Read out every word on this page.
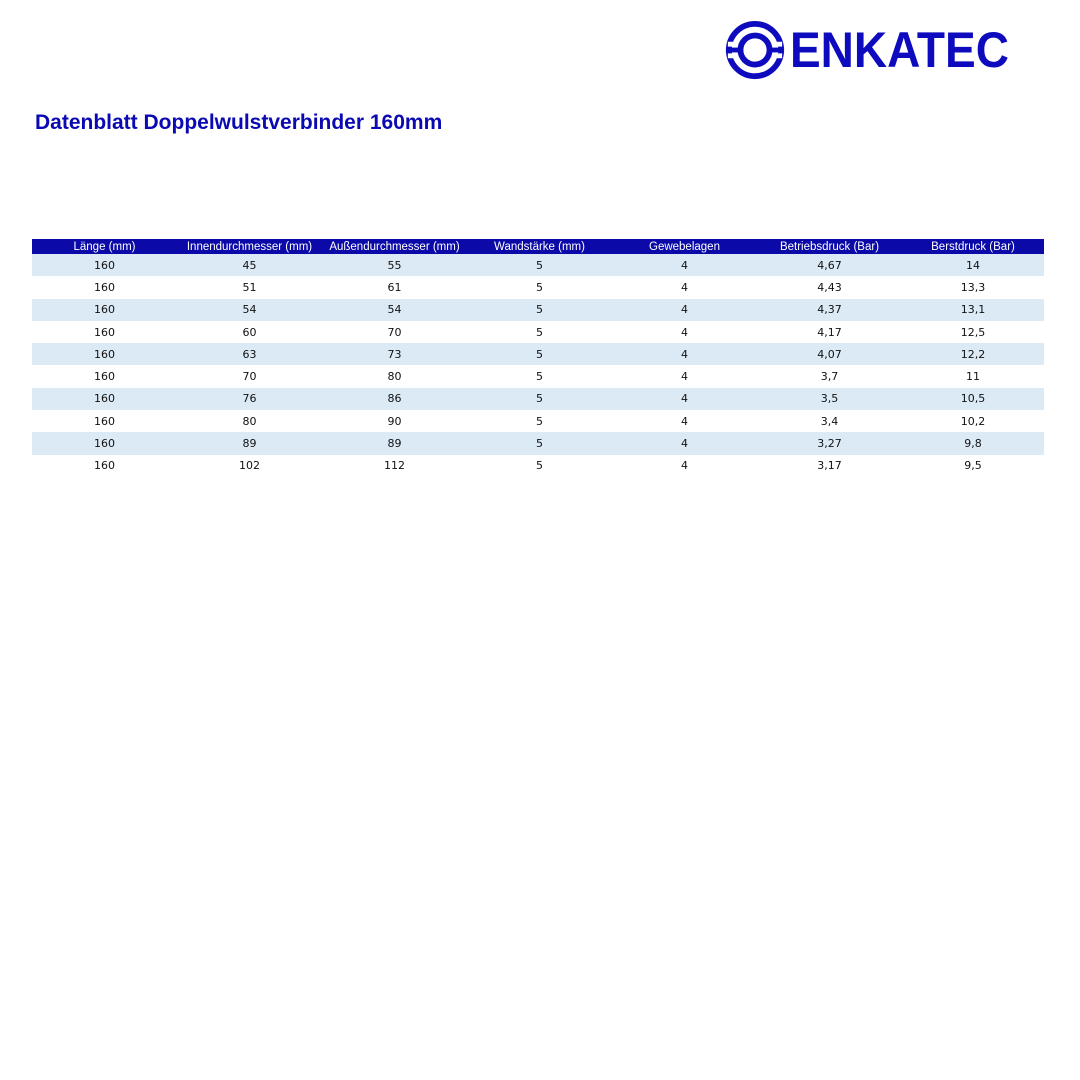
ENKATEC
Datenblatt Doppelwulstverbinder 160mm
Länge (mm)	Innendurchmesser (mm)	Außendurchmesser (mm)	Wandstärke (mm)	Gewebelagen	Betriebsdruck (Bar)	Berstdruck (Bar)
160	45	55	5	4	4,67	14
160	51	61	5	4	4,43	13,3
160	54	54	5	4	4,37	13,1
160	60	70	5	4	4,17	12,5
160	63	73	5	4	4,07	12,2
160	70	80	5	4	3,7	11
160	76	86	5	4	3,5	10,5
160	80	90	5	4	3,4	10,2
160	89	89	5	4	3,27	9,8
160	102	112	5	4	3,17	9,5
